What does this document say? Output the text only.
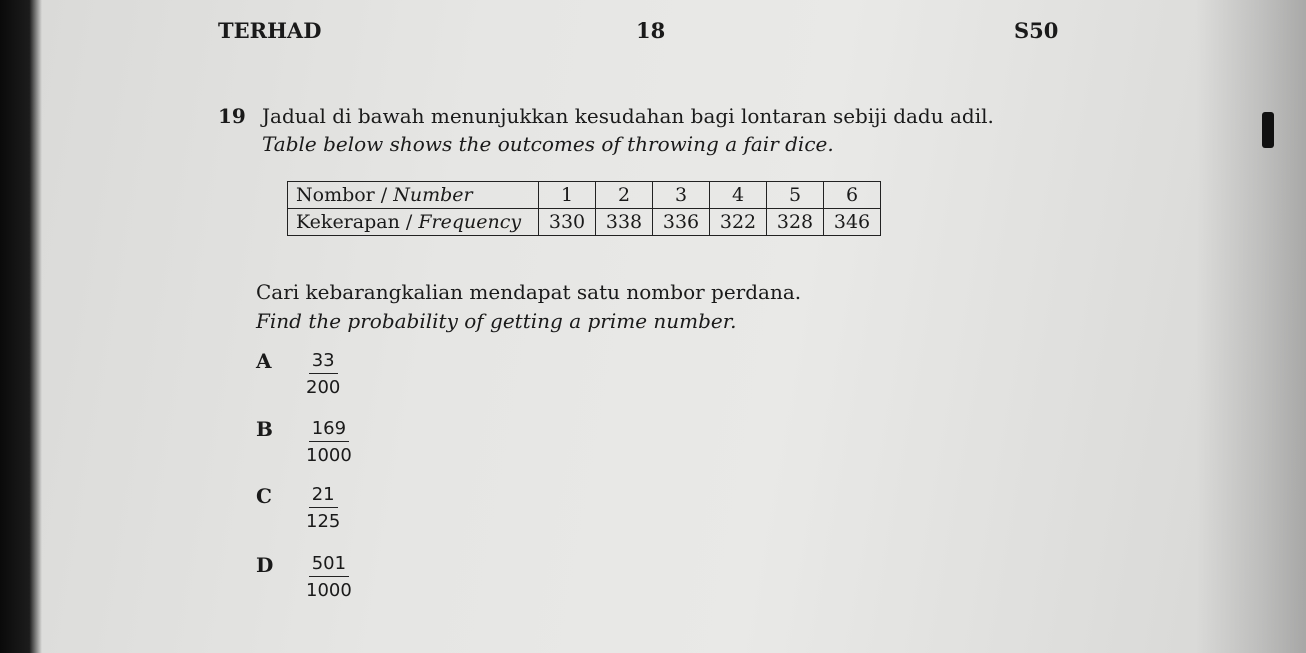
TERHAD	18	S50
19 Jadual di bawah menunjukkan kesudahan bagi lontaran sebiji dadu adil.
Table below shows the outcomes of throwing a fair dice.
Nombor / Number	1	2	3	4	5	6
Kekerapan / Frequency	330	338	336	322	328	346
Cari kebarangkalian mendapat satu nombor perdana.
Find the probability of getting a prime number.
A $\frac{33}{200}$
B $\frac{169}{1000}$
C $\frac{21}{125}$
D $\frac{501}{1000}$
